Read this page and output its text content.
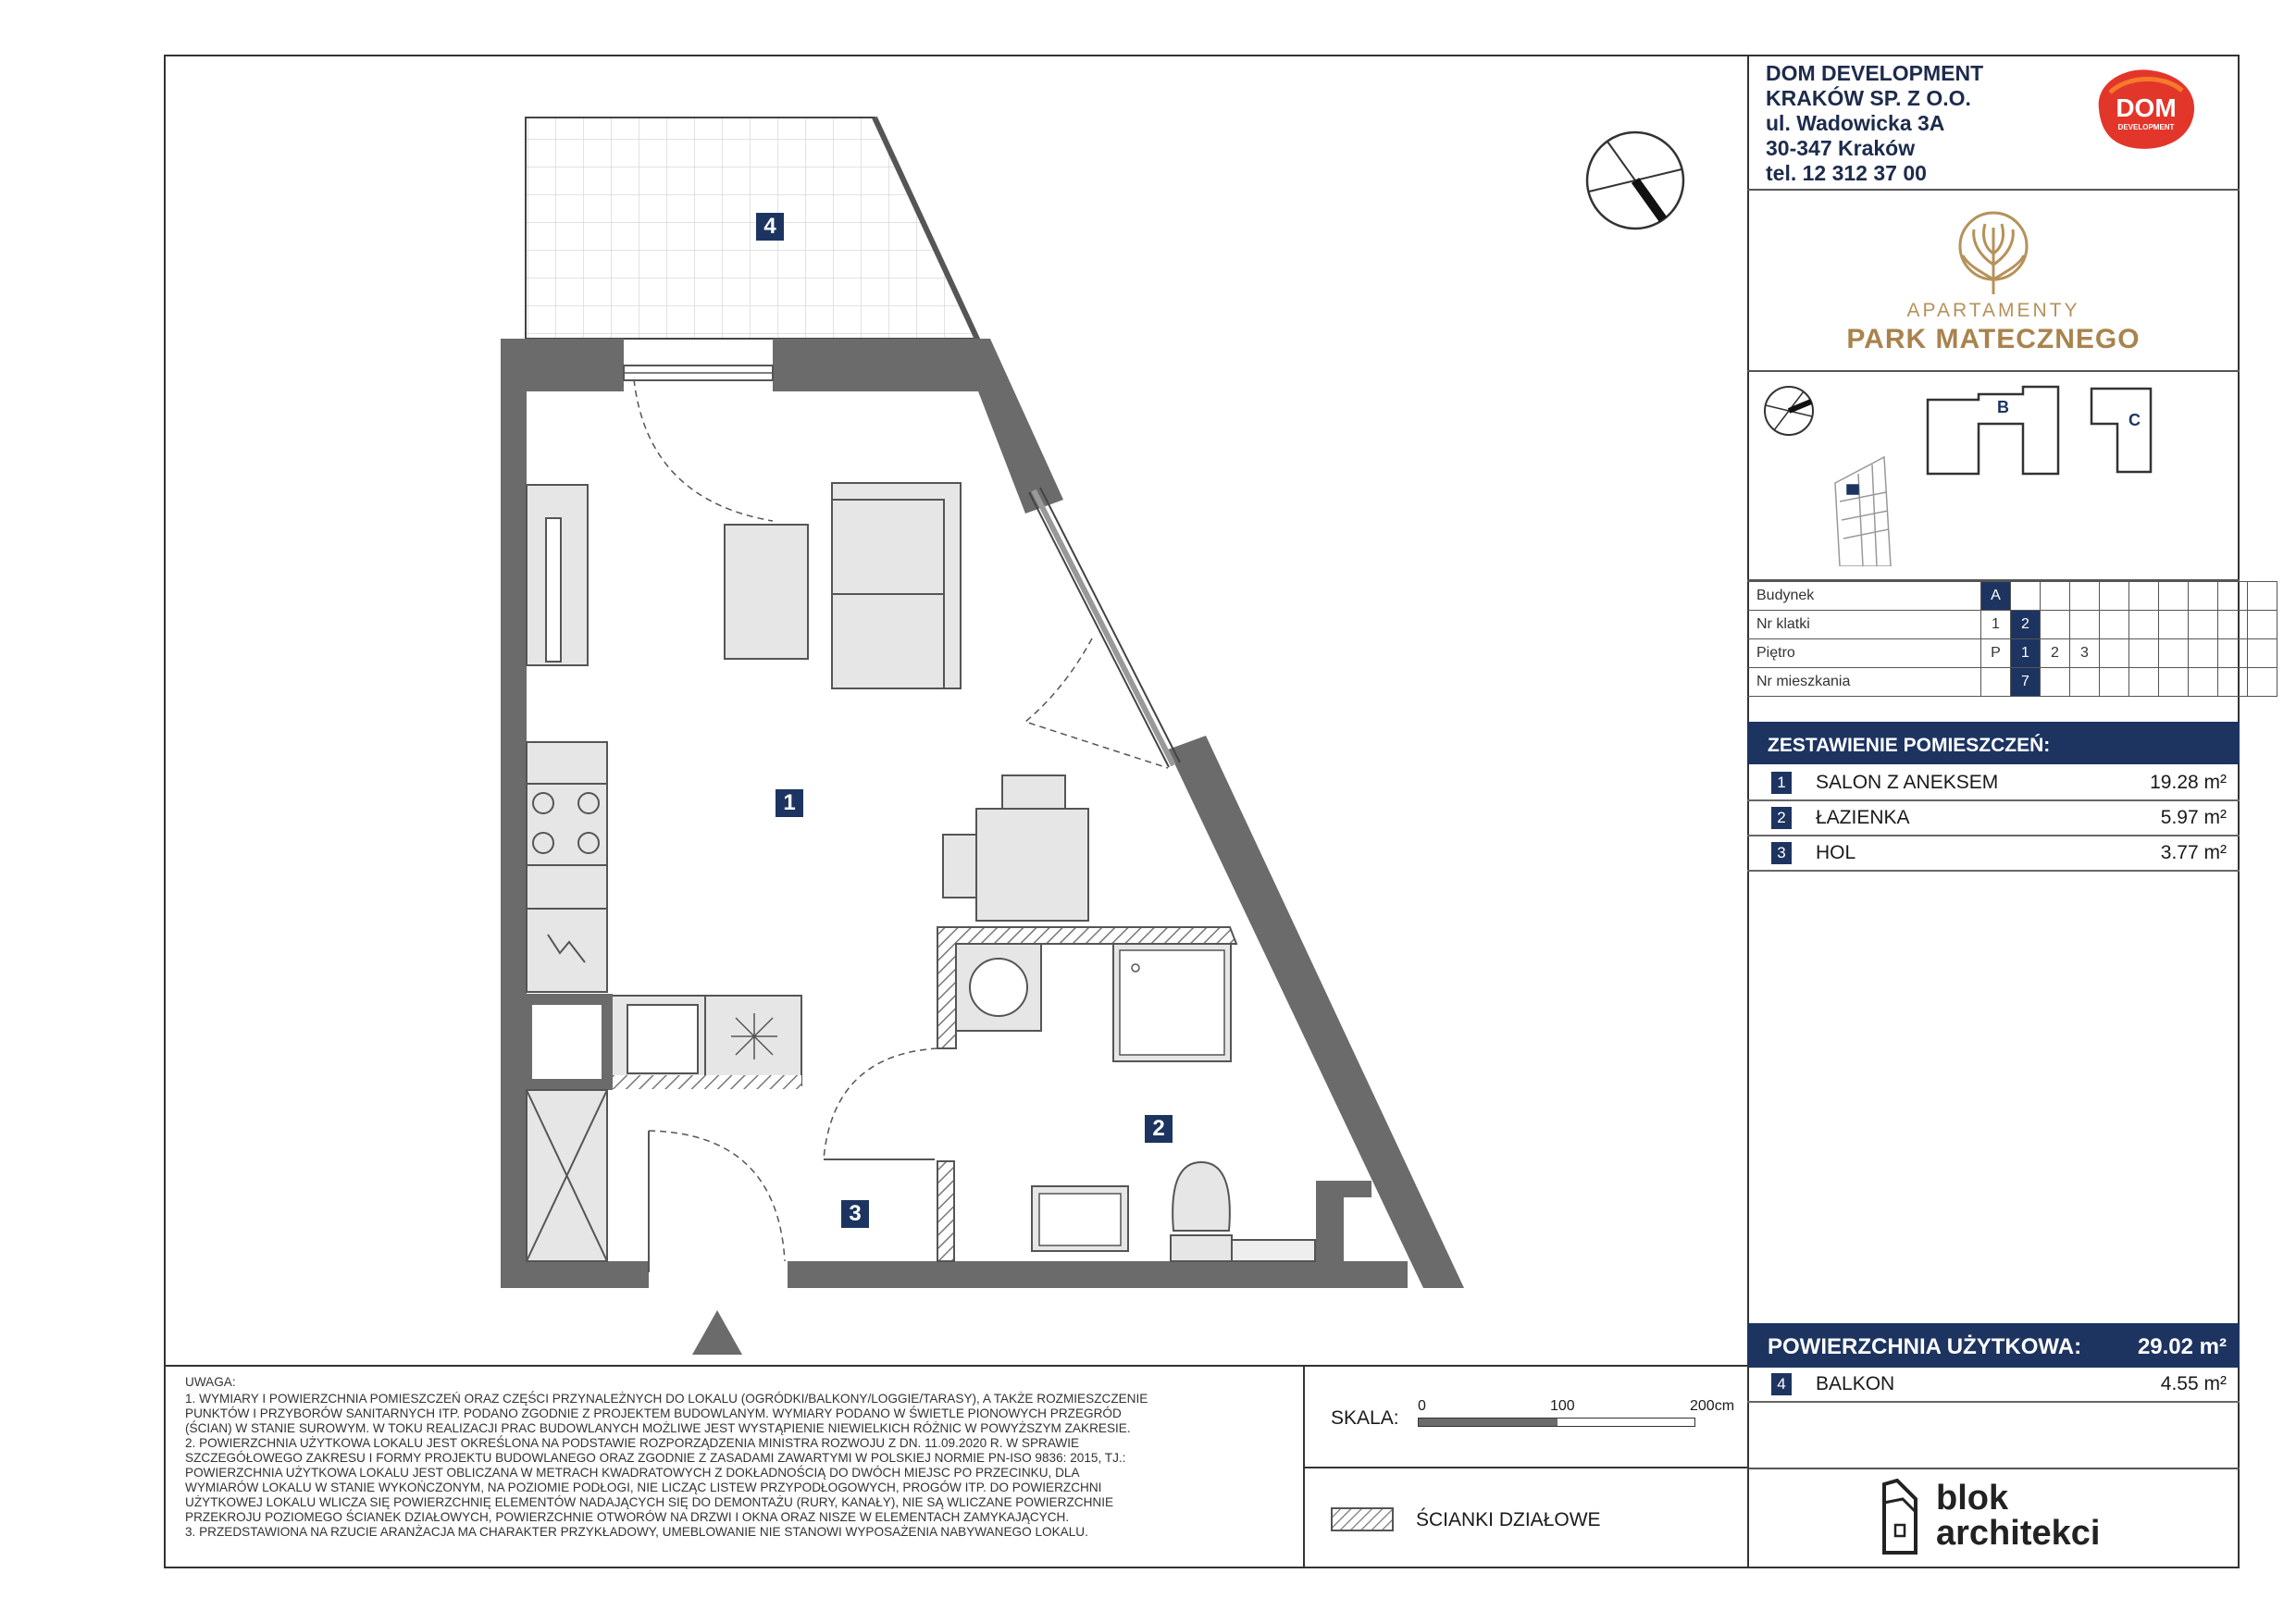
4
1
2
3
DOM DEVELOPMENT
KRAKÓW SP. Z O.O.
ul. Wadowicka 3A
30-347 Kraków
tel. 12 312 37 00
DOM
DEVELOPMENT
APARTAMENTY
PARK MATECZNEGO
B
C
Budynek	A									
Nr klatki	1	2								
Piętro	P	1	2	3						
Nr mieszkania		7								
ZESTAWIENIE POMIESZCZEŃ:
1 SALON Z ANEKSEM	19.28 m²
2 ŁAZIENKA	5.97 m²
3 HOL	3.77 m²
POWIERZCHNIA UŻYTKOWA:	29.02 m²
4 BALKON	4.55 m²

UWAGA:

1. WYMIARY I POWIERZCHNIA POMIESZCZEŃ ORAZ CZĘŚCI PRZYNALEŻNYCH DO LOKALU (OGRÓDKI/BALKONY/LOGGIE/TARASY), A TAKŻE ROZMIESZCZENIE

PUNKTÓW I PRZYBORÓW SANITARNYCH ITP. PODANO ZGODNIE Z PROJEKTEM BUDOWLANYM. WYMIARY PODANO W ŚWIETLE PIONOWYCH PRZEGRÓD

(ŚCIAN) W STANIE SUROWYM. W TOKU REALIZACJI PRAC BUDOWLANYCH MOŻLIWE JEST WYSTĄPIENIE NIEWIELKICH RÓŻNIC W POWYŻSZYM ZAKRESIE.

2. POWIERZCHNIA UŻYTKOWA LOKALU JEST OKREŚLONA NA PODSTAWIE ROZPORZĄDZENIA MINISTRA ROZWOJU Z DN. 11.09.2020 R. W SPRAWIE

SZCZEGÓŁOWEGO ZAKRESU I FORMY PROJEKTU BUDOWLANEGO ORAZ ZGODNIE Z ZASADAMI ZAWARTYMI W POLSKIEJ NORMIE PN-ISO 9836: 2015, TJ.:

POWIERZCHNIA UŻYTKOWA LOKALU JEST OBLICZANA W METRACH KWADRATOWYCH Z DOKŁADNOŚCIĄ DO DWÓCH MIEJSC PO PRZECINKU, DLA

WYMIARÓW LOKALU W STANIE WYKOŃCZONYM, NA POZIOMIE PODŁOGI, NIE LICZĄC LISTEW PRZYPODŁOGOWYCH, PROGÓW ITP. DO POWIERZCHNI

UŻYTKOWEJ LOKALU WLICZA SIĘ POWIERZCHNIĘ ELEMENTÓW NADAJĄCYCH SIĘ DO DEMONTAŻU (RURY, KANAŁY), NIE SĄ WLICZANE POWIERZCHNIE

PRZEKROJU POZIOMEGO ŚCIANEK DZIAŁOWYCH, POWIERZCHNIE OTWORÓW NA DRZWI I OKNA ORAZ NISZE W ELEMENTACH ZAMYKAJĄCYCH.

3. PRZEDSTAWIONA NA RZUCIE ARANŻACJA MA CHARAKTER PRZYKŁADOWY, UMEBLOWANIE NIE STANOWI WYPOSAŻENIA NABYWANEGO LOKALU.

SKALA:
0	100	200cm
ŚCIANKI DZIAŁOWE
blok
architekci
